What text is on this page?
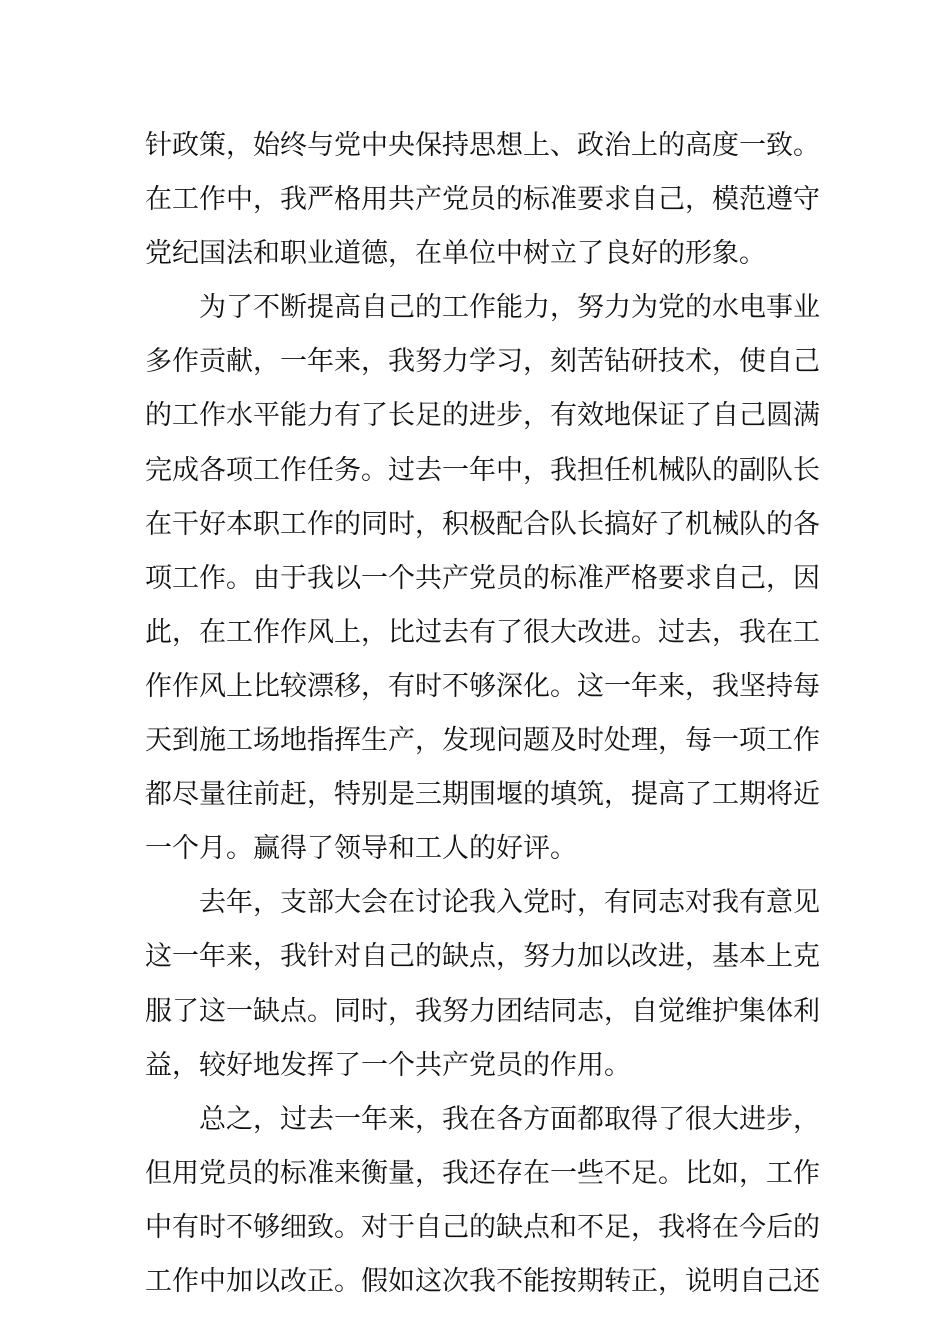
针政策，始终与党中央保持思想上、政治上的高度一致。
在工作中，我严格用共产党员的标准要求自己，模范遵守
党纪国法和职业道德，在单位中树立了良好的形象。
　　为了不断提高自己的工作能力，努力为党的水电事业
多作贡献，一年来，我努力学习，刻苦钻研技术，使自己
的工作水平能力有了长足的进步，有效地保证了自己圆满
完成各项工作任务。过去一年中，我担任机械队的副队长
在干好本职工作的同时，积极配合队长搞好了机械队的各
项工作。由于我以一个共产党员的标准严格要求自己，因
此，在工作作风上，比过去有了很大改进。过去，我在工
作作风上比较漂移，有时不够深化。这一年来，我坚持每
天到施工场地指挥生产，发现问题及时处理，每一项工作
都尽量往前赶，特别是三期围堰的填筑，提高了工期将近
一个月。赢得了领导和工人的好评。
　　去年，支部大会在讨论我入党时，有同志对我有意见
这一年来，我针对自己的缺点，努力加以改进，基本上克
服了这一缺点。同时，我努力团结同志，自觉维护集体利
益，较好地发挥了一个共产党员的作用。
　　总之，过去一年来，我在各方面都取得了很大进步，
但用党员的标准来衡量，我还存在一些不足。比如，工作
中有时不够细致。对于自己的缺点和不足，我将在今后的
工作中加以改正。假如这次我不能按期转正，说明自己还
